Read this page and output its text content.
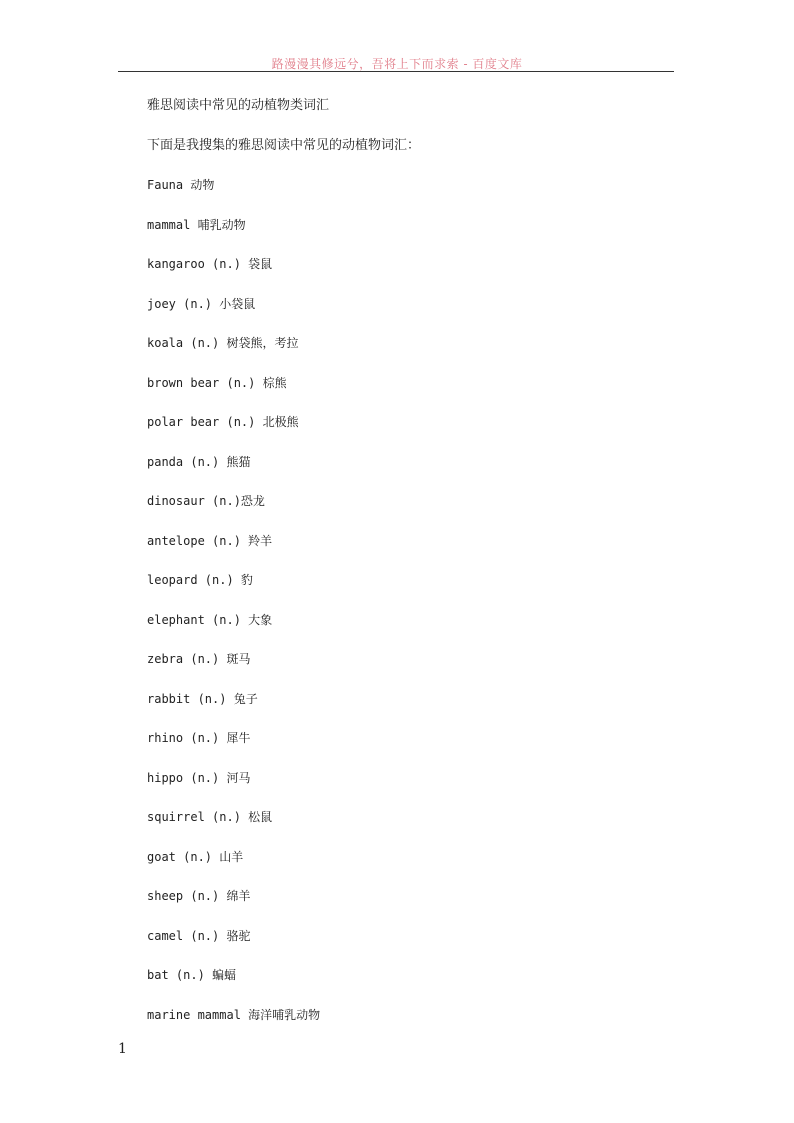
路漫漫其修远兮，吾将上下而求索 - 百度文库
雅思阅读中常见的动植物类词汇
下面是我搜集的雅思阅读中常见的动植物词汇：
Fauna 动物
mammal 哺乳动物
kangaroo (n.) 袋鼠
joey (n.) 小袋鼠
koala (n.) 树袋熊，考拉
brown bear (n.) 棕熊
polar bear (n.) 北极熊
panda (n.) 熊猫
dinosaur (n.)恐龙
antelope (n.) 羚羊
leopard (n.) 豹
elephant (n.) 大象
zebra (n.) 斑马
rabbit (n.) 兔子
rhino (n.) 犀牛
hippo (n.) 河马
squirrel (n.) 松鼠
goat (n.) 山羊
sheep (n.) 绵羊
camel (n.) 骆驼
bat (n.) 蝙蝠
marine mammal 海洋哺乳动物
1
